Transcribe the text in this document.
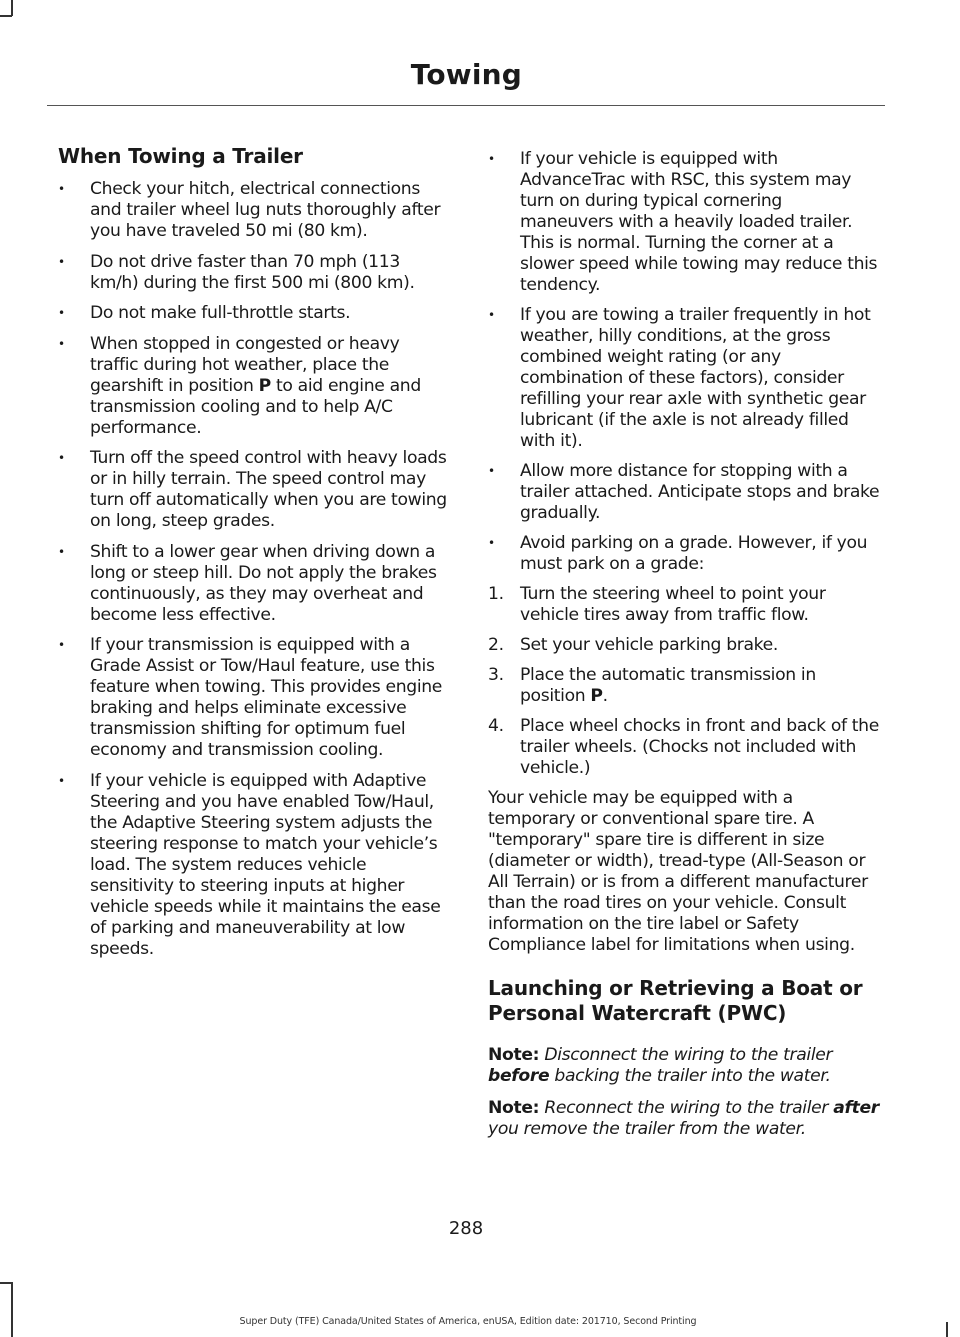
Towing
When Towing a Trailer
• Check your hitch, electrical connections and trailer wheel lug nuts thoroughly after you have traveled 50 mi (80 km).
• Do not drive faster than 70 mph (113 km/h) during the first 500 mi (800 km).
• Do not make full-throttle starts.
• When stopped in congested or heavy traffic during hot weather, place the gearshift in position P to aid engine and transmission cooling and to help A/C performance.
• Turn off the speed control with heavy loads or in hilly terrain. The speed control may turn off automatically when you are towing on long, steep grades.
• Shift to a lower gear when driving down a long or steep hill. Do not apply the brakes continuously, as they may overheat and become less effective.
• If your transmission is equipped with a Grade Assist or Tow/Haul feature, use this feature when towing. This provides engine braking and helps eliminate excessive transmission shifting for optimum fuel economy and transmission cooling.
• If your vehicle is equipped with Adaptive Steering and you have enabled Tow/Haul, the Adaptive Steering system adjusts the steering response to match your vehicle’s load. The system reduces vehicle sensitivity to steering inputs at higher vehicle speeds while it maintains the ease of parking and maneuverability at low speeds.
• If your vehicle is equipped with AdvanceTrac with RSC, this system may turn on during typical cornering maneuvers with a heavily loaded trailer. This is normal. Turning the corner at a slower speed while towing may reduce this tendency.
• If you are towing a trailer frequently in hot weather, hilly conditions, at the gross combined weight rating (or any combination of these factors), consider refilling your rear axle with synthetic gear lubricant (if the axle is not already filled with it).
• Allow more distance for stopping with a trailer attached. Anticipate stops and brake gradually.
• Avoid parking on a grade. However, if you must park on a grade:
1. Turn the steering wheel to point your vehicle tires away from traffic flow.
2. Set your vehicle parking brake.
3. Place the automatic transmission in position P.
4. Place wheel chocks in front and back of the trailer wheels. (Chocks not included with vehicle.)

Your vehicle may be equipped with a temporary or conventional spare tire. A "temporary" spare tire is different in size (diameter or width), tread-type (All-Season or All Terrain) or is from a different manufacturer than the road tires on your vehicle. Consult information on the tire label or Safety Compliance label for limitations when using.

Launching or Retrieving a Boat or Personal Watercraft (PWC)

Note: Disconnect the wiring to the trailer before backing the trailer into the water.

Note: Reconnect the wiring to the trailer after you remove the trailer from the water.

288
Super Duty (TFE) Canada/United States of America, enUSA, Edition date: 201710, Second Printing
